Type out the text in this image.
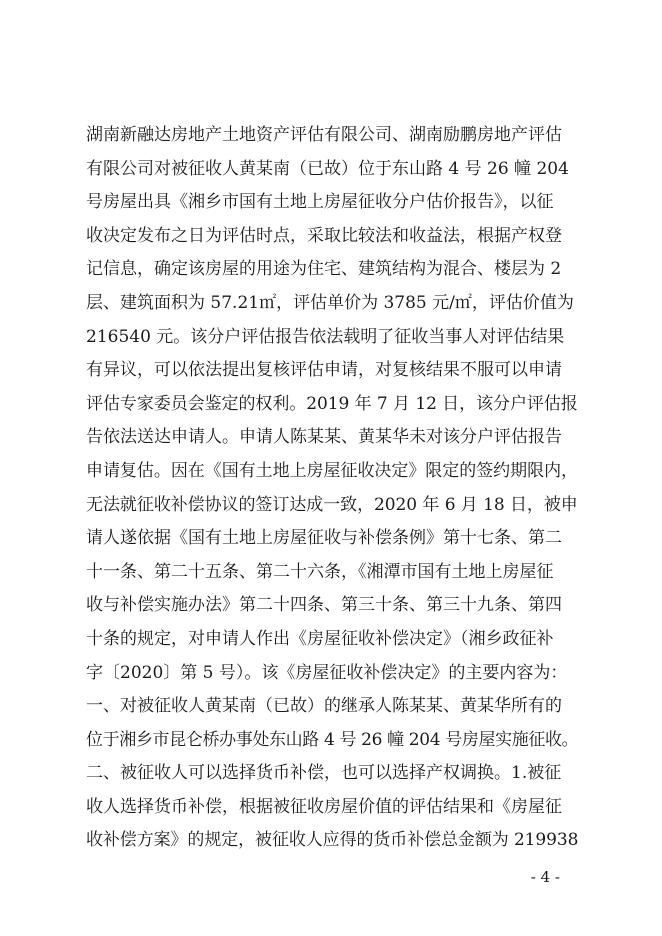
湖南新融达房地产土地资产评估有限公司、湖南励鹏房地产评估
有限公司对被征收人黄某南（已故）位于东山路 4 号 26 幢 204
号房屋出具《湘乡市国有土地上房屋征收分户估价报告》，以征
收决定发布之日为评估时点，采取比较法和收益法，根据产权登
记信息，确定该房屋的用途为住宅、建筑结构为混合、楼层为 2
层、建筑面积为 57.21㎡，评估单价为 3785 元/㎡，评估价值为
216540 元。该分户评估报告依法载明了征收当事人对评估结果
有异议，可以依法提出复核评估申请，对复核结果不服可以申请
评估专家委员会鉴定的权利。2019 年 7 月 12 日，该分户评估报
告依法送达申请人。申请人陈某某、黄某华未对该分户评估报告
申请复估。因在《国有土地上房屋征收决定》限定的签约期限内，
无法就征收补偿协议的签订达成一致，2020 年 6 月 18 日，被申
请人遂依据《国有土地上房屋征收与补偿条例》第十七条、第二
十一条、第二十五条、第二十六条，《湘潭市国有土地上房屋征
收与补偿实施办法》第二十四条、第三十条、第三十九条、第四
十条的规定，对申请人作出《房屋征收补偿决定》（湘乡政征补
字〔2020〕第 5 号）。该《房屋征收补偿决定》的主要内容为：
一、对被征收人黄某南（已故）的继承人陈某某、黄某华所有的
位于湘乡市昆仑桥办事处东山路 4 号 26 幢 204 号房屋实施征收。
二、被征收人可以选择货币补偿，也可以选择产权调换。1.被征
收人选择货币补偿，根据被征收房屋价值的评估结果和《房屋征
收补偿方案》的规定，被征收人应得的货币补偿总金额为 219938
- 4 -
